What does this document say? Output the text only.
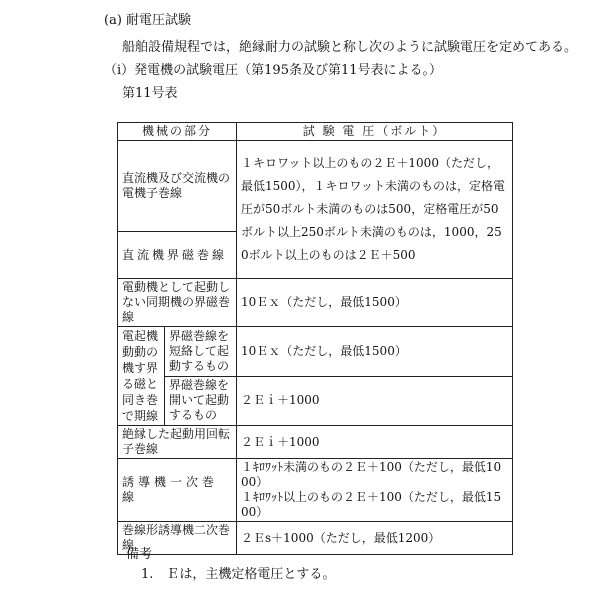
(a) 耐電圧試験
船舶設備規程では，絶縁耐力の試験と称し次のように試験電圧を定めてある。
（ⅰ）発電機の試験電圧（第195条及び第11号表による。）
第11号表
機械の部分		試 験 電 圧（ボルト）
直流機及び交流機の電機子巻線		１キロワット以上のもの２Ｅ＋1000（ただし，最低1500），１キロワット未満のものは，定格電圧が50ボルト未満のものは500，定格電圧が50ボルト以上250ボルト未満のものは，1000，250ボルト以上のものは２Ｅ＋500
直流機界磁巻線		
電動機として起動しない同期機の界磁巻線		10Ｅｘ（ただし，最低1500）
電起機動動の機す界る磁と同き巻で期線	界磁巻線を短絡して起動するもの	10Ｅｘ（ただし，最低1500）
	界磁巻線を開いて起動するもの	２Ｅｉ＋1000
絶縁した起動用回転子巻線		２Ｅｉ＋1000
誘導機一次巻線		１ｷﾛﾜｯﾄ未満のもの２Ｅ＋100（ただし，最低1000）
１ｷﾛﾜｯﾄ以上のもの２Ｅ＋100（ただし，最低1500）

巻線形誘導機二次巻線		２Ｅs＋1000（ただし，最低1200）
備考
1.　Ｅは，主機定格電圧とする。
